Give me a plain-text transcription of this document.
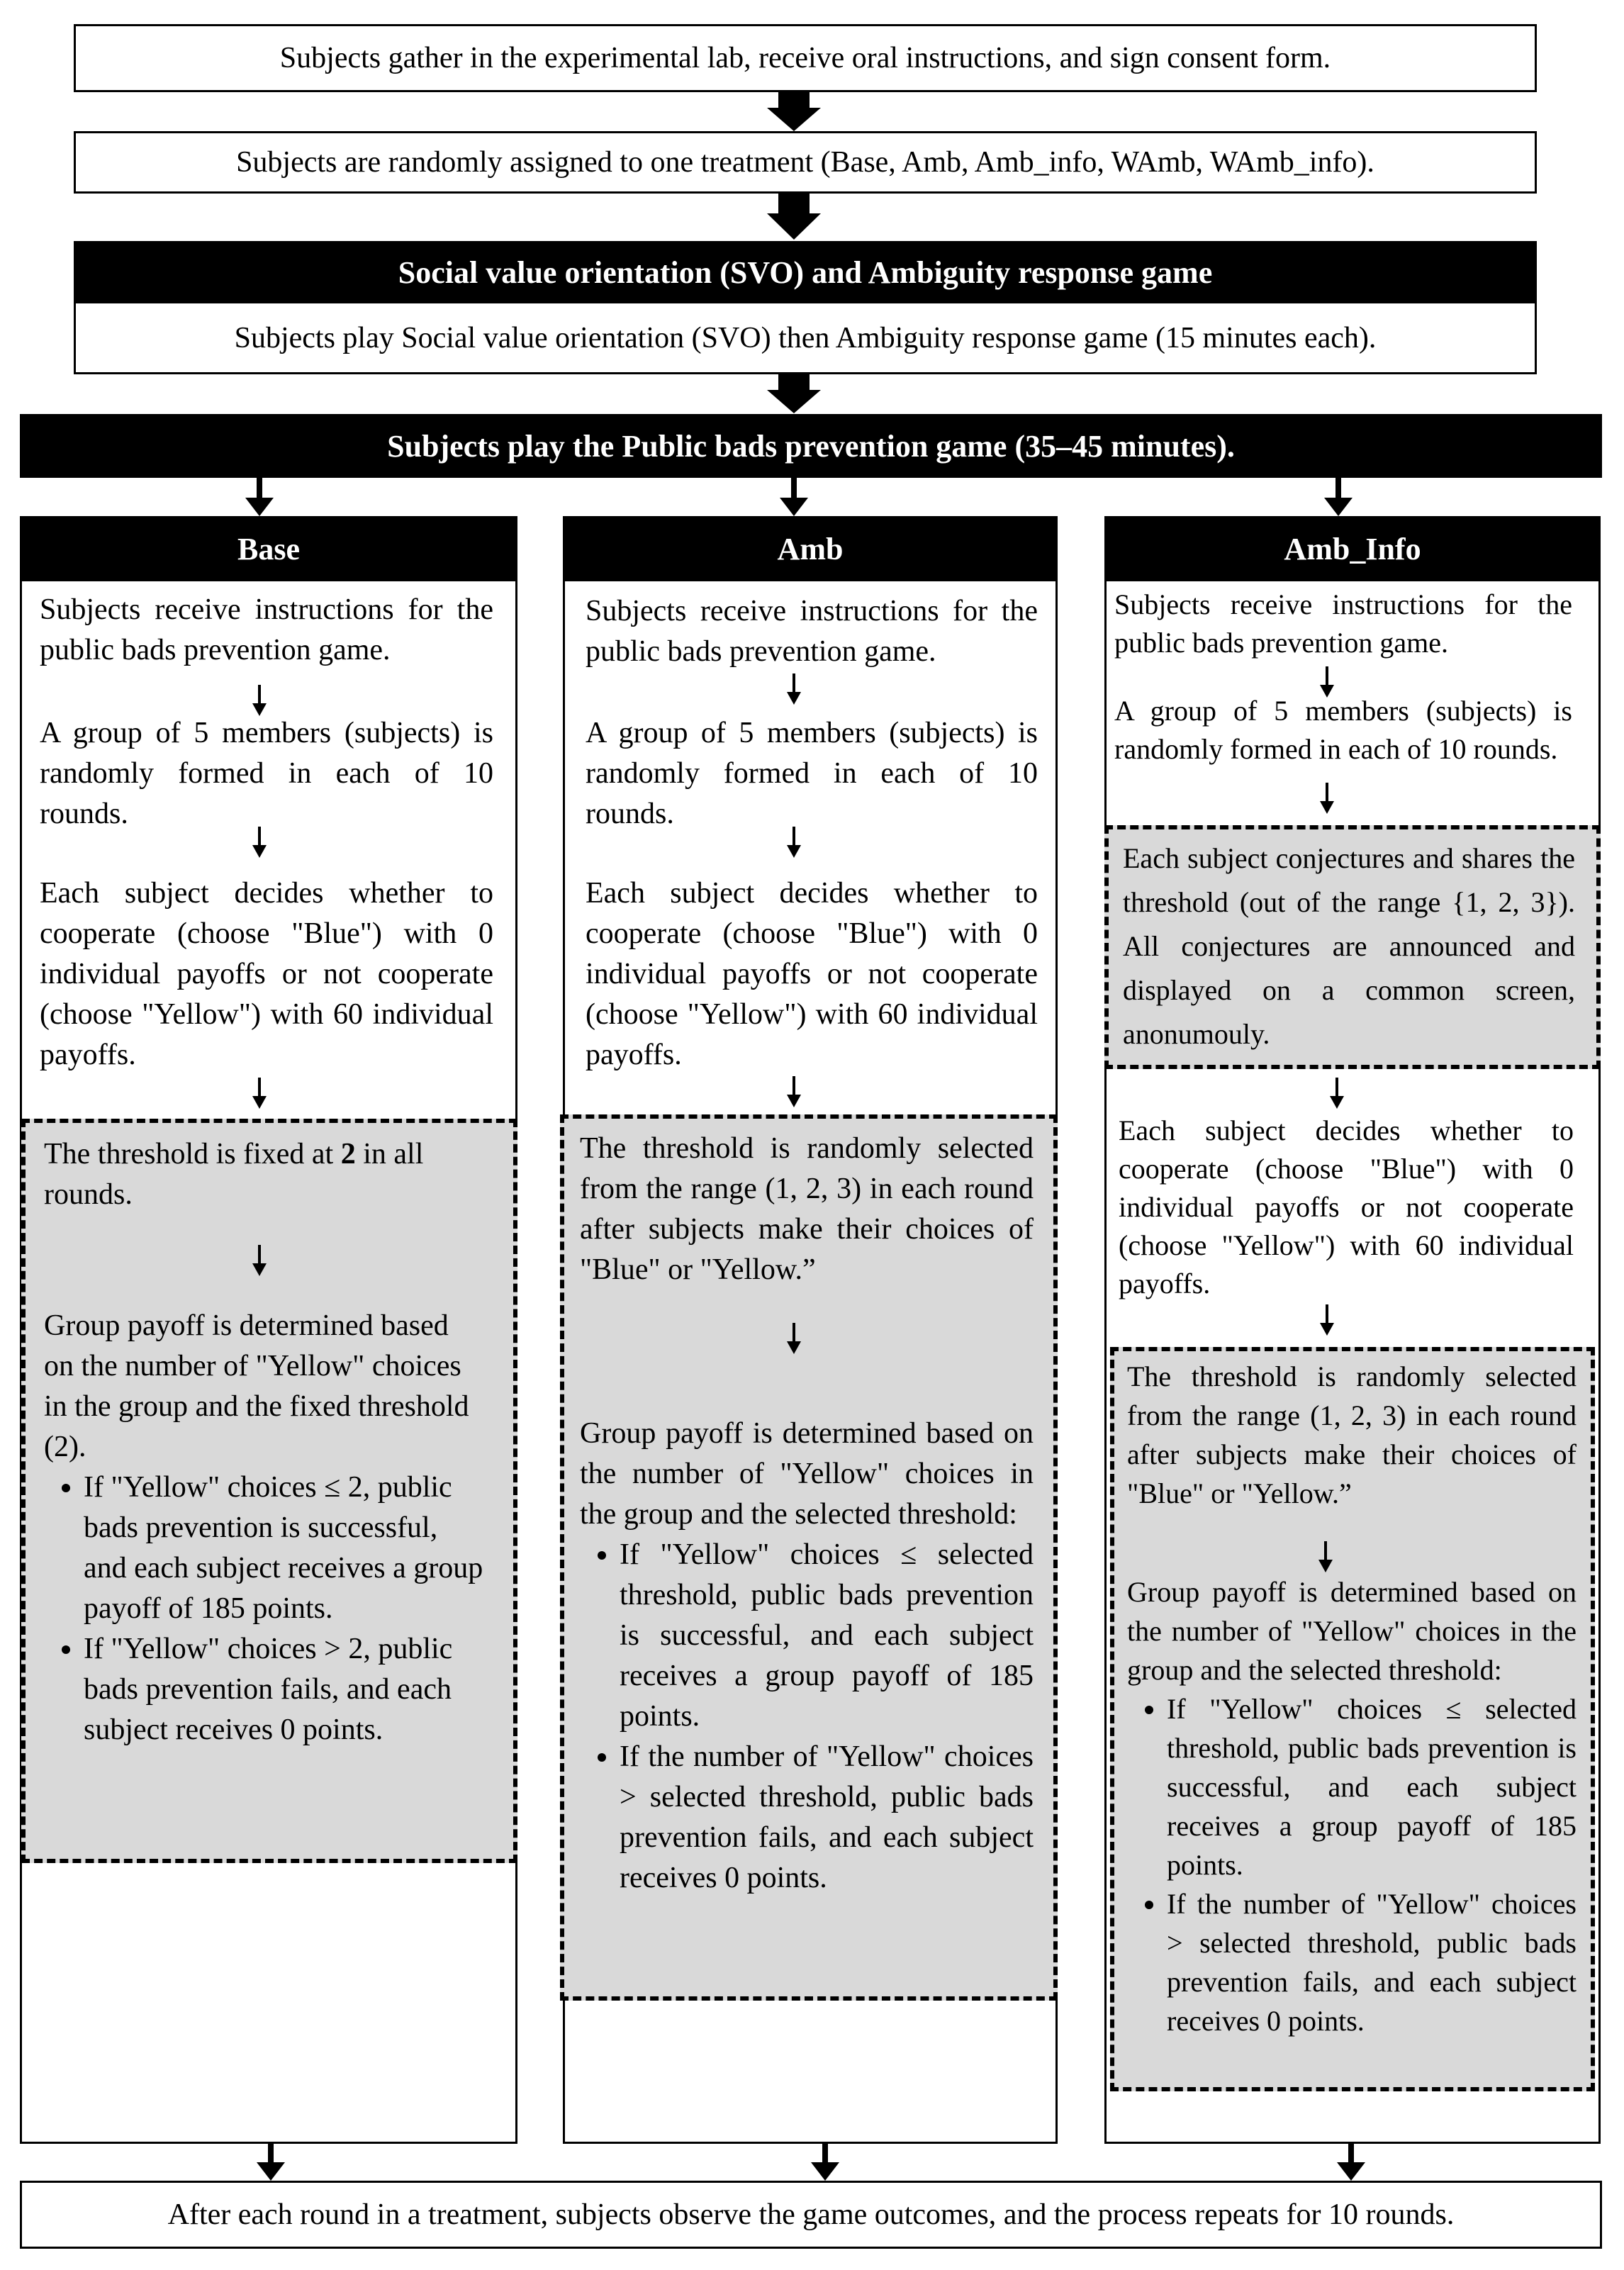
Subjects gather in the experimental lab, receive oral instructions, and sign consent form.
Subjects are randomly assigned to one treatment (Base, Amb, Amb_info, WAmb, WAmb_info).
Social value orientation (SVO) and Ambiguity response game
Subjects play Social value orientation (SVO) then Ambiguity response game (15 minutes each).
Subjects play the Public bads prevention game (35–45 minutes).
Base

Subjects receive instructions for the public bads prevention game.

A group of 5 members (subjects) is randomly formed in each of 10 rounds.

Each subject decides whether to cooperate (choose "Blue") with 0 individual payoffs or not cooperate (choose "Yellow") with 60 individual payoffs.

The threshold is fixed at 2 in all rounds.

Group payoff is determined based on the number of "Yellow" choices in the group and the fixed threshold (2).

• If "Yellow" choices ≤ 2, public bads prevention is successful, and each subject receives a group payoff of 185 points.
• If "Yellow" choices > 2, public bads prevention fails, and each subject receives 0 points.
Amb

Subjects receive instructions for the public bads prevention game.

A group of 5 members (subjects) is randomly formed in each of 10 rounds.

Each subject decides whether to cooperate (choose "Blue") with 0 individual payoffs or not cooperate (choose "Yellow") with 60 individual payoffs.

The threshold is randomly selected from the range (1, 2, 3) in each round after subjects make their choices of "Blue" or "Yellow.”

Group payoff is determined based on the number of "Yellow" choices in the group and the selected threshold:

• If "Yellow" choices ≤ selected threshold, public bads prevention is successful, and each subject receives a group payoff of 185 points.
• If the number of "Yellow" choices > selected threshold, public bads prevention fails, and each subject receives 0 points.
Amb_Info

Subjects receive instructions for the public bads prevention game.

A group of 5 members (subjects) is randomly formed in each of 10 rounds.

Each subject conjectures and shares the threshold (out of the range {1, 2, 3}). All conjectures are announced and displayed on a common screen, anonumouly.

Each subject decides whether to cooperate (choose "Blue") with 0 individual payoffs or not cooperate (choose "Yellow") with 60 individual payoffs.

The threshold is randomly selected from the range (1, 2, 3) in each round after subjects make their choices of "Blue" or "Yellow.”

Group payoff is determined based on the number of "Yellow" choices in the group and the selected threshold:

• If "Yellow" choices ≤ selected threshold, public bads prevention is successful, and each subject receives a group payoff of 185 points.
• If the number of "Yellow" choices > selected threshold, public bads prevention fails, and each subject receives 0 points.
After each round in a treatment, subjects observe the game outcomes, and the process repeats for 10 rounds.
